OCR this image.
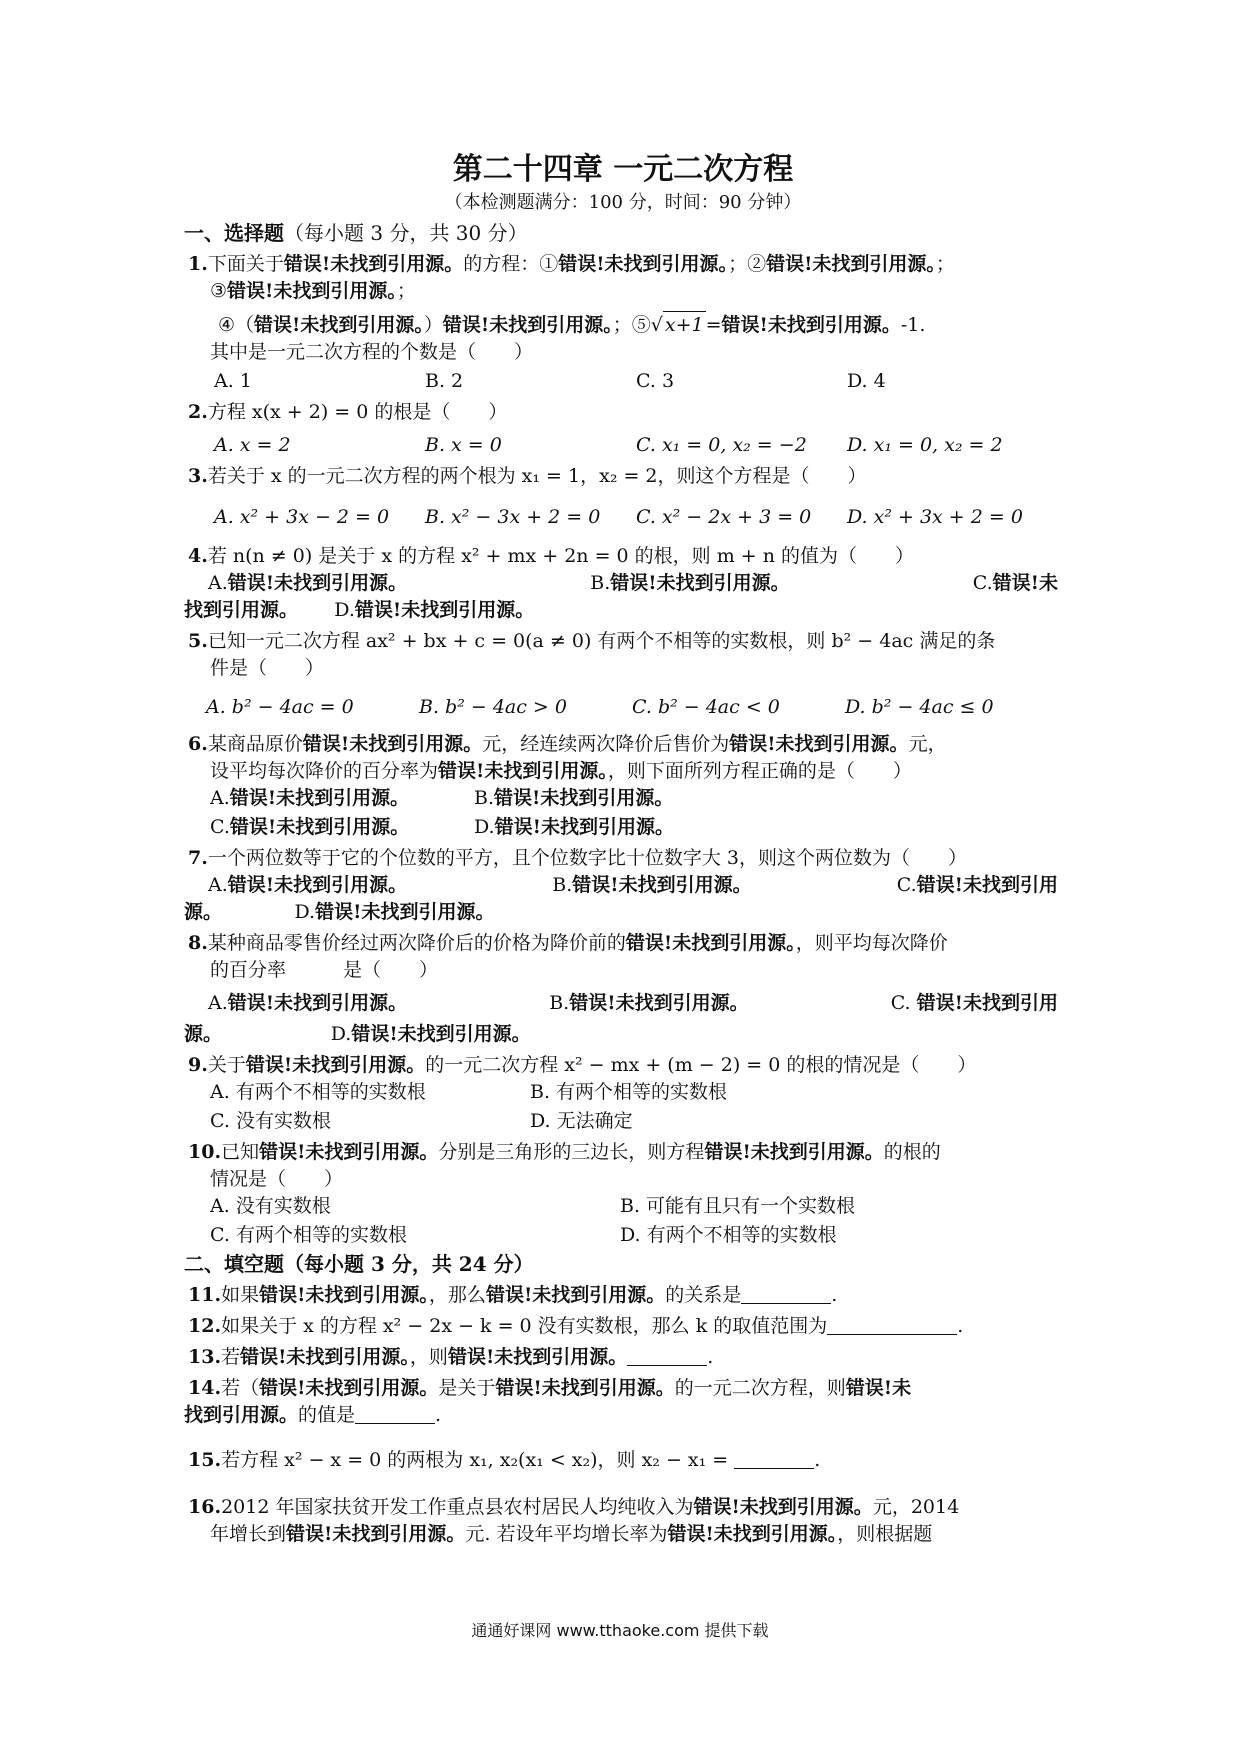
第二十四章 一元二次方程
（本检测题满分：100 分，时间：90 分钟）
一、选择题（每小题 3 分，共 30 分）
1.下面关于错误!未找到引用源。的方程：①错误!未找到引用源。；②错误!未找到引用源。；
③错误!未找到引用源。；
④（错误!未找到引用源。）错误!未找到引用源。；⑤√ x+1 =错误!未找到引用源。-1.
其中是一元二次方程的个数是（　　）
A. 1	B. 2	C. 3	D. 4
2.方程 x(x + 2) = 0 的根是（　　）
A. x = 2	B. x = 0	C. x₁ = 0, x₂ = −2	D. x₁ = 0, x₂ = 2
3.若关于 x 的一元二次方程的两个根为 x₁ = 1，x₂ = 2，则这个方程是（　　）
A. x² + 3x − 2 = 0	B. x² − 3x + 2 = 0	C. x² − 2x + 3 = 0	D. x² + 3x + 2 = 0
4.若 n(n ≠ 0) 是关于 x 的方程 x² + mx + 2n = 0 的根，则 m + n 的值为（　　）
A.错误!未找到引用源。	B.错误!未找到引用源。	C.错误!未
找到引用源。 D.错误!未找到引用源。
5.已知一元二次方程 ax² + bx + c = 0(a ≠ 0) 有两个不相等的实数根，则 b² − 4ac 满足的条
件是（　　）
A. b² − 4ac = 0	B. b² − 4ac > 0	C. b² − 4ac < 0	D. b² − 4ac ≤ 0
6.某商品原价错误!未找到引用源。元，经连续两次降价后售价为错误!未找到引用源。元，
设平均每次降价的百分率为错误!未找到引用源。，则下面所列方程正确的是（　　）
A.错误!未找到引用源。	B.错误!未找到引用源。
C.错误!未找到引用源。	D.错误!未找到引用源。
7.一个两位数等于它的个位数的平方，且个位数字比十位数字大 3，则这个两位数为（　　）
A.错误!未找到引用源。	B.错误!未找到引用源。	C.错误!未找到引用
源。	D.错误!未找到引用源。
8.某种商品零售价经过两次降价后的价格为降价前的错误!未找到引用源。，则平均每次降价
的百分率　　　是（　　）
A.错误!未找到引用源。	B.错误!未找到引用源。	C. 错误!未找到引用
源。	D.错误!未找到引用源。
9.关于错误!未找到引用源。的一元二次方程 x² − mx + (m − 2) = 0 的根的情况是（　　）
A. 有两个不相等的实数根	B. 有两个相等的实数根
C. 没有实数根	D. 无法确定
10.已知错误!未找到引用源。分别是三角形的三边长，则方程错误!未找到引用源。的根的
情况是（　　）
A. 没有实数根	B. 可能有且只有一个实数根
C. 有两个相等的实数根	D. 有两个不相等的实数根
二、填空题（每小题 3 分，共 24 分）
11.如果错误!未找到引用源。，那么错误!未找到引用源。的关系是	.
12.如果关于 x 的方程 x² − 2x − k = 0 没有实数根，那么 k 的取值范围为	.
13.若错误!未找到引用源。，则错误!未找到引用源。	.
14.若（错误!未找到引用源。是关于错误!未找到引用源。的一元二次方程，则错误!未
找到引用源。的值是	.
15.若方程 x² − x = 0 的两根为 x₁, x₂(x₁ < x₂)，则 x₂ − x₁ =	.
16.2012 年国家扶贫开发工作重点县农村居民人均纯收入为错误!未找到引用源。元，2014
年增长到错误!未找到引用源。元. 若设年平均增长率为错误!未找到引用源。，则根据题
通通好课网 www.tthaoke.com 提供下载
